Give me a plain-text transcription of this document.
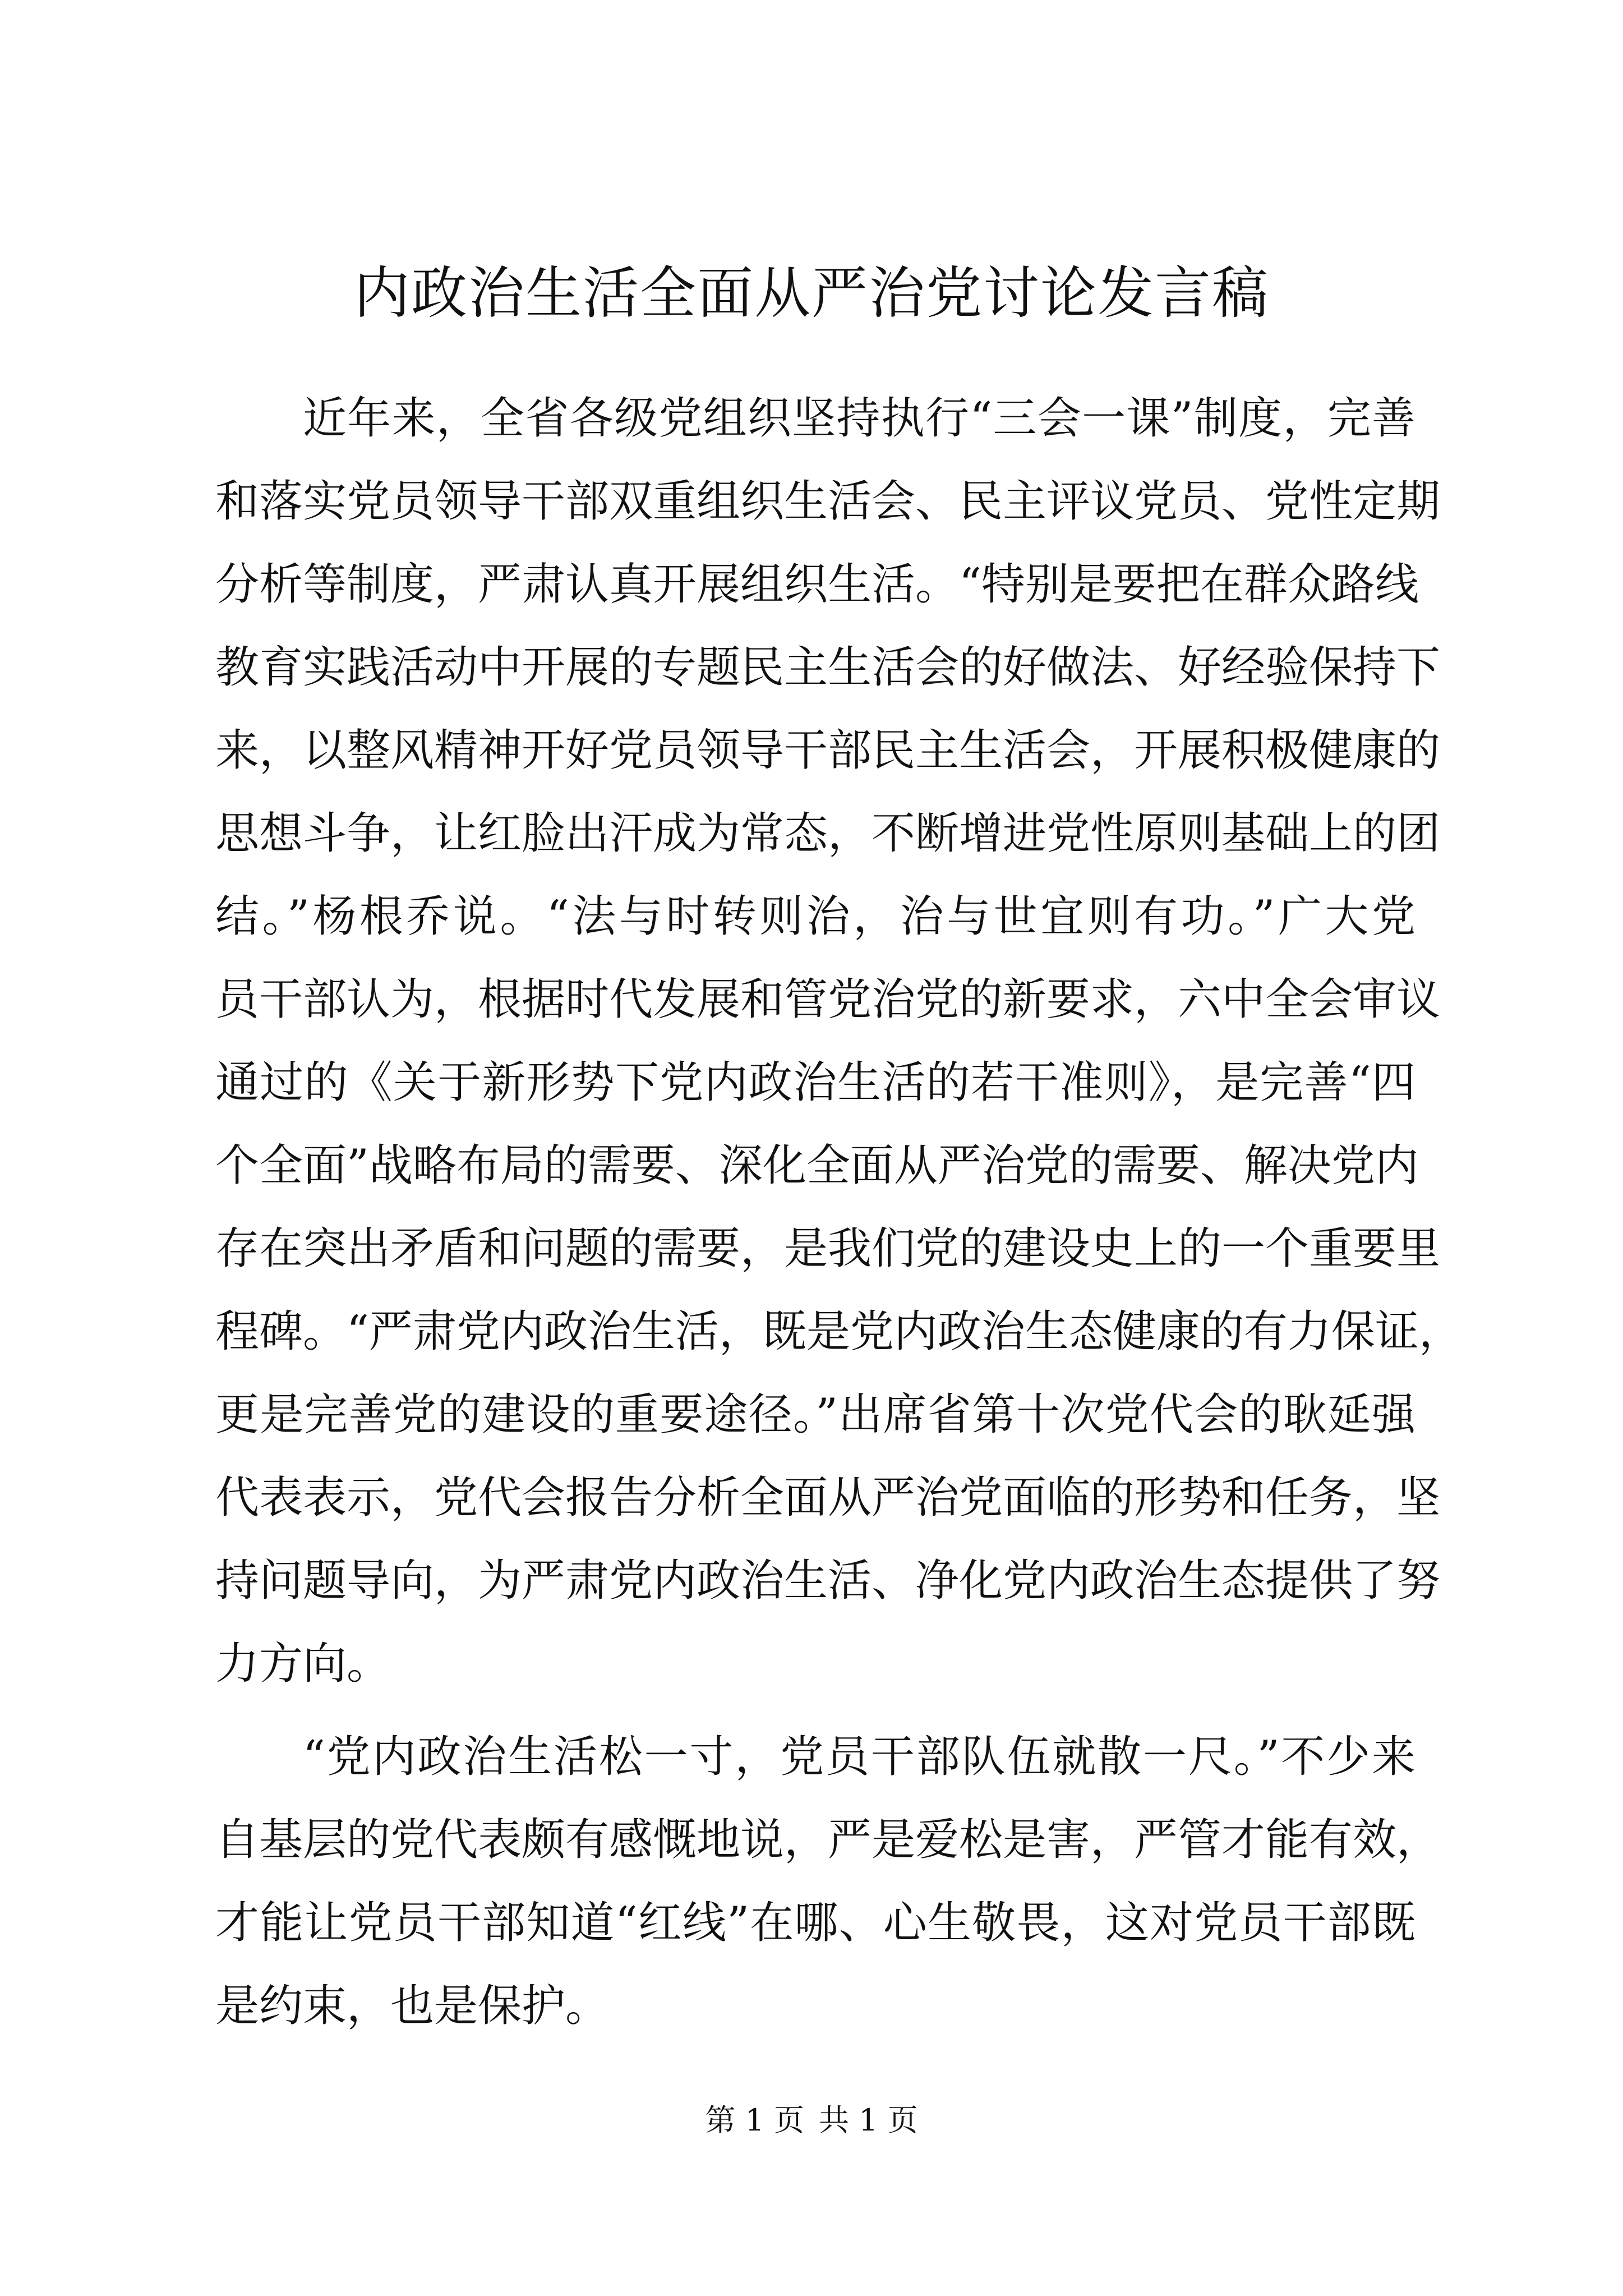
内政治生活全面从严治党讨论发言稿
近年来，全省各级党组织坚持执行“三会一课”制度，完善
和落实党员领导干部双重组织生活会、民主评议党员、党性定期
分析等制度，严肃认真开展组织生活。“特别是要把在群众路线
教育实践活动中开展的专题民主生活会的好做法、好经验保持下
来，以整风精神开好党员领导干部民主生活会，开展积极健康的
思想斗争，让红脸出汗成为常态，不断增进党性原则基础上的团
结。”杨根乔说。“法与时转则治，治与世宜则有功。”广大党
员干部认为，根据时代发展和管党治党的新要求，六中全会审议
通过的《关于新形势下党内政治生活的若干准则》，是完善“四
个全面”战略布局的需要、深化全面从严治党的需要、解决党内
存在突出矛盾和问题的需要，是我们党的建设史上的一个重要里
程碑。“严肃党内政治生活，既是党内政治生态健康的有力保证，
更是完善党的建设的重要途径。”出席省第十次党代会的耿延强
代表表示，党代会报告分析全面从严治党面临的形势和任务，坚
持问题导向，为严肃党内政治生活、净化党内政治生态提供了努
力方向。
“党内政治生活松一寸，党员干部队伍就散一尺。”不少来
自基层的党代表颇有感慨地说，严是爱松是害，严管才能有效，
才能让党员干部知道“红线”在哪、心生敬畏，这对党员干部既
是约束，也是保护。
第 1 页 共 1 页
